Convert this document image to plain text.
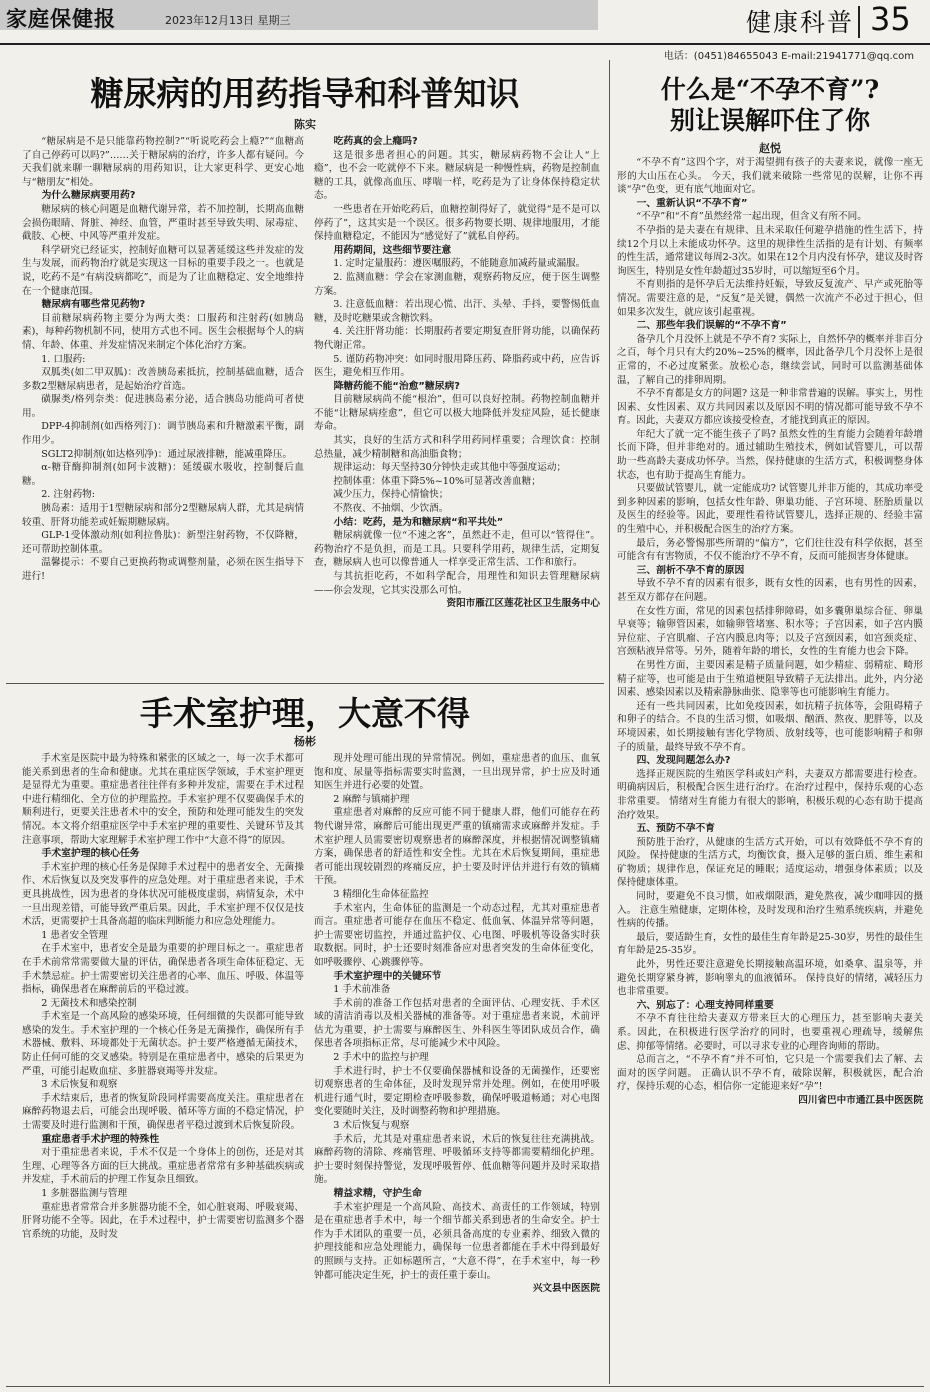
家庭保健报	2023年12月13日 星期三	健康科普 35
电话：(0451)84655043 E-mail:21941771@qq.com
糖尿病的用药指导和科普知识
陈实

“糖尿病是不是只能靠药物控制?”“听说吃药会上瘾?”“血糖高了自己停药可以吗?”……关于糖尿病的治疗，许多人都有疑问。今天我们就来聊一聊糖尿病的用药知识，让大家更科学、更安心地与“糖朋友”相处。

为什么糖尿病要用药?

糖尿病的核心问题是血糖代谢异常，若不加控制，长期高血糖会损伤眼睛、肾脏、神经、血管，严重时甚至导致失明、尿毒症、截肢、心梗、中风等严重并发症。

科学研究已经证实，控制好血糖可以显著延缓这些并发症的发生与发展，而药物治疗就是实现这一目标的重要手段之一。也就是说，吃药不是“有病没病都吃”，而是为了让血糖稳定、安全地维持在一个健康范围。

糖尿病有哪些常见药物?

目前糖尿病药物主要分为两大类：口服药和注射药(如胰岛素)，每种药物机制不同，使用方式也不同。医生会根据每个人的病情、年龄、体重、并发症情况来制定个体化治疗方案。

1. 口服药:

双胍类(如二甲双胍)：改善胰岛素抵抗，控制基础血糖，适合多数2型糖尿病患者，是起始治疗首选。

磺脲类/格列奈类：促进胰岛素分泌，适合胰岛功能尚可者使用。

DPP-4抑制剂(如西格列汀)：调节胰岛素和升糖激素平衡，副作用少。

SGLT2抑制剂(如达格列净)：通过尿液排糖，能减重降压。

α-糖苷酶抑制剂(如阿卡波糖)：延缓碳水吸收，控制餐后血糖。

2. 注射药物:

胰岛素：适用于1型糖尿病和部分2型糖尿病人群，尤其是病情较重、肝肾功能差或妊娠期糖尿病。

GLP-1受体激动剂(如利拉鲁肽)：新型注射药物，不仅降糖，还可帮助控制体重。

温馨提示：不要自己更换药物或调整剂量，必须在医生指导下进行!

吃药真的会上瘾吗?

这是很多患者担心的问题。其实，糖尿病药物不会让人“上瘾”，也不会一吃就停不下来。糖尿病是一种慢性病，药物是控制血糖的工具，就像高血压、哮喘一样，吃药是为了让身体保持稳定状态。

一些患者在开始吃药后，血糖控制得好了，就觉得“是不是可以停药了”，这其实是一个误区。很多药物要长期、规律地服用，才能保持血糖稳定，不能因为“感觉好了”就私自停药。

用药期间，这些细节要注意

1. 定时定量服药：遵医嘱服药，不能随意加减药量或漏服。

2. 监测血糖：学会在家测血糖，观察药物反应，便于医生调整方案。

3. 注意低血糖：若出现心慌、出汗、头晕、手抖，要警惕低血糖，及时吃糖果或含糖饮料。

4. 关注肝肾功能：长期服药者要定期复查肝肾功能，以确保药物代谢正常。

5. 谨防药物冲突：如同时服用降压药、降脂药或中药，应告诉医生，避免相互作用。

降糖药能不能“治愈”糖尿病?

目前糖尿病尚不能“根治”，但可以良好控制。药物控制血糖并不能“让糖尿病痊愈”，但它可以极大地降低并发症风险，延长健康寿命。

其实，良好的生活方式和科学用药同样重要；合理饮食：控制总热量，减少精制糖和高油脂食物；

规律运动：每天坚持30分钟快走或其他中等强度运动；

控制体重：体重下降5%~10%可显著改善血糖；

减少压力，保持心情愉快；

不熬夜、不抽烟、少饮酒。

小结：吃药，是为和糖尿病“和平共处”

糖尿病就像一位“不速之客”，虽然赶不走，但可以“管得住”。药物治疗不是负担，而是工具。只要科学用药，规律生活，定期复查，糖尿病人也可以像普通人一样享受正常生活、工作和旅行。

与其抗拒吃药，不如科学配合，用理性和知识去管理糖尿病——你会发现，它其实没那么可怕。

资阳市雁江区莲花社区卫生服务中心

手术室护理，大意不得
杨彬

手术室是医院中最为特殊和紧张的区域之一，每一次手术都可能关系到患者的生命和健康。尤其在重症医学领域，手术室护理更是显得尤为重要。重症患者往往伴有多种并发症，需要在手术过程中进行精细化、全方位的护理监控。手术室护理不仅要确保手术的顺利进行，更要关注患者术中的安全，预防和处理可能发生的突发情况。本文将介绍重症医学中手术室护理的重要性、关键环节及其注意事项，帮助大家理解手术室护理工作中“大意不得”的原因。

手术室护理的核心任务

手术室护理的核心任务是保障手术过程中的患者安全、无菌操作、术后恢复以及突发事件的应急处理。对于重症患者来说，手术更具挑战性，因为患者的身体状况可能极度虚弱，病情复杂，术中一旦出现差错，可能导致严重后果。因此，手术室护理不仅仅是技术活，更需要护士具备高超的临床判断能力和应急处理能力。

1 患者安全管理

在手术室中，患者安全是最为重要的护理目标之一。重症患者在手术前常常需要做大量的评估，确保患者各项生命体征稳定、无手术禁忌症。护士需要密切关注患者的心率、血压、呼吸、体温等指标，确保患者在麻醉前后的平稳过渡。

2 无菌技术和感染控制

手术室是一个高风险的感染环境，任何细微的失误都可能导致感染的发生。手术室护理的一个核心任务是无菌操作，确保所有手术器械、敷料、环境都处于无菌状态。护士要严格遵循无菌技术，防止任何可能的交叉感染。特别是在重症患者中，感染的后果更为严重，可能引起败血症、多脏器衰竭等并发症。

3 术后恢复和观察

手术结束后，患者的恢复阶段同样需要高度关注。重症患者在麻醉药物退去后，可能会出现呼吸、循环等方面的不稳定情况，护士需要及时进行监测和干预，确保患者平稳过渡到术后恢复阶段。

重症患者手术护理的特殊性

对于重症患者来说，手术不仅是一个身体上的创伤，还是对其生理、心理等各方面的巨大挑战。重症患者常常有多种基础疾病或并发症，手术前后的护理工作复杂且细致。

1 多脏器监测与管理

重症患者常常合并多脏器功能不全，如心脏衰竭、呼吸衰竭、肝肾功能不全等。因此，在手术过程中，护士需要密切监测多个器官系统的功能，及时发

现并处理可能出现的异常情况。例如，重症患者的血压、血氧饱和度、尿量等指标需要实时监测，一旦出现异常，护士应及时通知医生并进行必要的处置。

2 麻醉与镇痛护理

重症患者对麻醉的反应可能不同于健康人群，他们可能存在药物代谢异常，麻醉后可能出现更严重的镇痛需求或麻醉并发症。手术室护理人员需要密切观察患者的麻醉深度，并根据情况调整镇痛方案，确保患者的舒适性和安全性。尤其在术后恢复期间，重症患者可能出现较剧烈的疼痛反应，护士要及时评估并进行有效的镇痛干预。

3 精细化生命体征监控

手术室内，生命体征的监测是一个动态过程，尤其对重症患者而言。重症患者可能存在血压不稳定、低血氧、体温异常等问题，护士需要密切监控，并通过监护仪、心电图、呼吸机等设备实时获取数据。同时，护士还要时刻准备应对患者突发的生命体征变化，如呼吸骤停、心跳骤停等。

手术室护理中的关键环节

1 手术前准备

手术前的准备工作包括对患者的全面评估、心理安抚、手术区域的清洁消毒以及相关器械的准备等。对于重症患者来说，术前评估尤为重要，护士需要与麻醉医生、外科医生等团队成员合作，确保患者各项指标正常，尽可能减少术中风险。

2 手术中的监控与护理

手术进行时，护士不仅要确保器械和设备的无菌操作，还要密切观察患者的生命体征，及时发现异常并处理。例如，在使用呼吸机进行通气时，要定期检查呼吸参数，确保呼吸道畅通；对心电图变化要随时关注，及时调整药物和护理措施。

3 术后恢复与观察

手术后，尤其是对重症患者来说，术后的恢复往往充满挑战。麻醉药物的清除、疼痛管理、呼吸循环支持等都需要精细化护理。护士要时刻保持警觉，发现呼吸暂停、低血糖等问题并及时采取措施。

精益求精，守护生命

手术室护理是一个高风险、高技术、高责任的工作领域，特别是在重症患者手术中，每一个细节都关系到患者的生命安全。护士作为手术团队的重要一员，必须具备高度的专业素养、细致入微的护理技能和应急处理能力，确保每一位患者都能在手术中得到最好的照顾与支持。正如标题所言，“大意不得”，在手术室中，每一秒钟都可能决定生死，护士的责任重于泰山。

兴文县中医医院

什么是“不孕不育”?
别让误解吓住了你
赵悦

“不孕不育”这四个字，对于渴望拥有孩子的夫妻来说，就像一座无形的大山压在心头。 今天，我们就来破除一些常见的误解，让你不再谈“孕”色变，更有底气地面对它。

一、重新认识“不孕不育”

“不孕”和“不育”虽然经常一起出现，但含义有所不同。

不孕指的是夫妻在有规律、且未采取任何避孕措施的性生活下，持续12个月以上未能成功怀孕。这里的规律性生活指的是有计划、有频率的性生活，通常建议每周2-3次。如果在12个月内没有怀孕，建议及时咨询医生，特别是女性年龄超过35岁时，可以缩短至6个月。

不育则指的是怀孕后无法维持妊娠，导致反复流产、早产或死胎等情况。需要注意的是，“反复”是关键，偶然一次流产不必过于担心，但如果多次发生，就应该引起重视。

二、那些年我们误解的“不孕不育”

备孕几个月没怀上就是不孕不育? 实际上，自然怀孕的概率并非百分之百，每个月只有大约20%~25%的概率，因此备孕几个月没怀上是很正常的，不必过度紧张。放松心态，继续尝试，同时可以监测基础体温，了解自己的排卵周期。

不孕不育都是女方的问题? 这是一种非常普遍的误解。事实上，男性因素、女性因素、双方共同因素以及原因不明的情况都可能导致不孕不育。因此，夫妻双方都应该接受检查，才能找到真正的原因。

年纪大了就一定不能生孩子了吗? 虽然女性的生育能力会随着年龄增长而下降，但并非绝对的。通过辅助生殖技术，例如试管婴儿，可以帮助一些高龄夫妻成功怀孕。当然，保持健康的生活方式，积极调整身体状态，也有助于提高生育能力。

只要做试管婴儿，就一定能成功? 试管婴儿并非万能的，其成功率受到多种因素的影响，包括女性年龄、卵巢功能、子宫环境、胚胎质量以及医生的经验等。因此，要理性看待试管婴儿，选择正规的、经验丰富的生殖中心，并积极配合医生的治疗方案。

最后，务必警惕那些所谓的“偏方”，它们往往没有科学依据，甚至可能含有有害物质，不仅不能治疗不孕不育，反而可能损害身体健康。

三、剖析不孕不育的原因

导致不孕不育的因素有很多，既有女性的因素，也有男性的因素，甚至双方都存在问题。

在女性方面，常见的因素包括排卵障碍，如多囊卵巢综合征、卵巢早衰等；输卵管因素，如输卵管堵塞、积水等；子宫因素，如子宫内膜异位症、子宫肌瘤、子宫内膜息肉等；以及子宫颈因素，如宫颈炎症、宫颈粘液异常等。另外，随着年龄的增长，女性的生育能力也会下降。

在男性方面，主要因素是精子质量问题，如少精症、弱精症、畸形精子症等，也可能是由于生殖道梗阻导致精子无法排出。此外，内分泌因素、感染因素以及精索静脉曲张、隐睾等也可能影响生育能力。

还有一些共同因素，比如免疫因素，如抗精子抗体等，会阻碍精子和卵子的结合。不良的生活习惯，如吸烟、酗酒、熬夜、肥胖等，以及环境因素，如长期接触有害化学物质、放射线等，也可能影响精子和卵子的质量，最终导致不孕不育。

四、发现问题怎么办?

选择正规医院的生殖医学科或妇产科，夫妻双方都需要进行检查。明确病因后，积极配合医生进行治疗。在治疗过程中，保持乐观的心态非常重要。 情绪对生育能力有很大的影响，积极乐观的心态有助于提高治疗效果。

五、预防不孕不育

预防胜于治疗，从健康的生活方式开始，可以有效降低不孕不育的风险。 保持健康的生活方式，均衡饮食，摄入足够的蛋白质、维生素和矿物质；规律作息，保证充足的睡眠；适度运动，增强身体素质；以及保持健康体重。

同时，要避免不良习惯，如戒烟限酒，避免熬夜，减少咖啡因的摄入。 注意生殖健康，定期体检，及时发现和治疗生殖系统疾病，并避免性病的传播。

最后，要适龄生育，女性的最佳生育年龄是25-30岁，男性的最佳生育年龄是25-35岁。

此外，男性还要注意避免长期接触高温环境，如桑拿、温泉等，并避免长期穿紧身裤，影响睾丸的血液循环。 保持良好的情绪，减轻压力也非常重要。

六、别忘了：心理支持同样重要

不孕不育往往给夫妻双方带来巨大的心理压力，甚至影响夫妻关系。因此，在积极进行医学治疗的同时，也要重视心理疏导，缓解焦虑、抑郁等情绪。必要时，可以寻求专业的心理咨询师的帮助。

总而言之，“不孕不育”并不可怕，它只是一个需要我们去了解、去面对的医学问题。 正确认识不孕不育，破除误解，积极就医，配合治疗，保持乐观的心态，相信你一定能迎来好“孕”!

四川省巴中市通江县中医医院
